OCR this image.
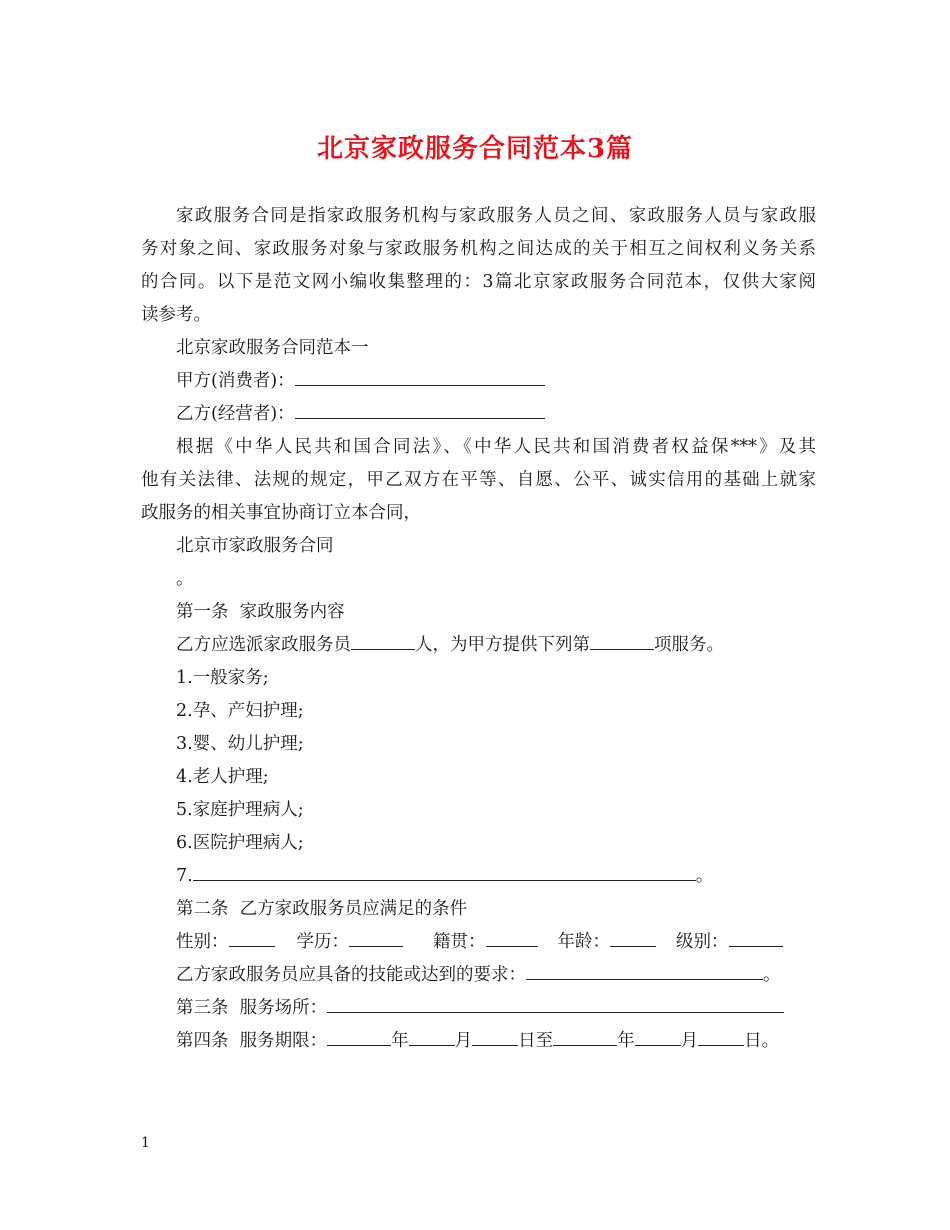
北京家政服务合同范本3篇
家政服务合同是指家政服务机构与家政服务人员之间、家政服务人员与家政服
务对象之间、家政服务对象与家政服务机构之间达成的关于相互之间权利义务关系
的合同。以下是范文网小编收集整理的：3篇北京家政服务合同范本，仅供大家阅
读参考。
北京家政服务合同范本一
甲方(消费者)：
乙方(经营者)：
根据《中华人民共和国合同法》、《中华人民共和国消费者权益保***》及其
他有关法律、法规的规定，甲乙双方在平等、自愿、公平、诚实信用的基础上就家
政服务的相关事宜协商订立本合同，
北京市家政服务合同
。
第一条  家政服务内容
乙方应选派家政服务员	人，为甲方提供下列第	项服务。
1.一般家务;
2.孕、产妇护理;
3.婴、幼儿护理;
4.老人护理;
5.家庭护理病人;
6.医院护理病人;
7.	。
第二条  乙方家政服务员应满足的条件
性别：	学历：	籍贯：	年龄：	级别：
乙方家政服务员应具备的技能或达到的要求：	。
第三条  服务场所：
第四条  服务期限：	年	月	日至	年	月	日。
1
